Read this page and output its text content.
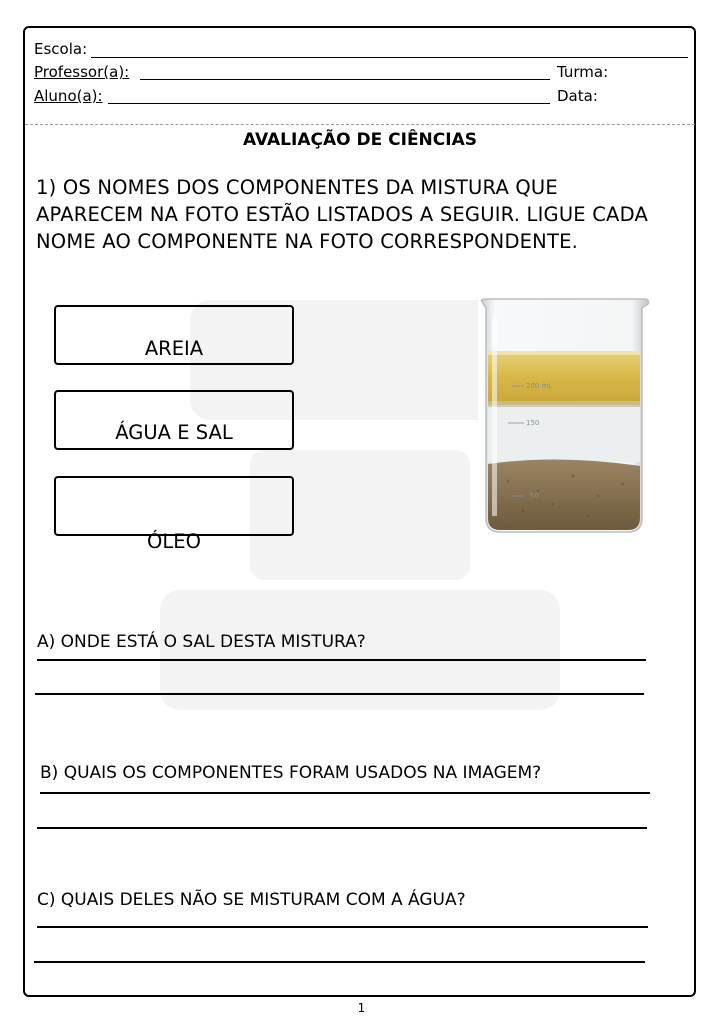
Escola:
Professor(a):	Turma:
Aluno(a):	Data:
AVALIAÇÃO DE CIÊNCIAS
1) OS NOMES DOS COMPONENTES DA MISTURA QUE APARECEM NA FOTO ESTÃO LISTADOS A SEGUIR. LIGUE CADA NOME AO COMPONENTE NA FOTO CORRESPONDENTE.
AREIA
ÁGUA E SAL
ÓLEO
200 mL
150
50
A) ONDE ESTÁ O SAL DESTA MISTURA?
B) QUAIS OS COMPONENTES FORAM USADOS NA IMAGEM?
C) QUAIS DELES NÃO SE MISTURAM COM A ÁGUA?
1
